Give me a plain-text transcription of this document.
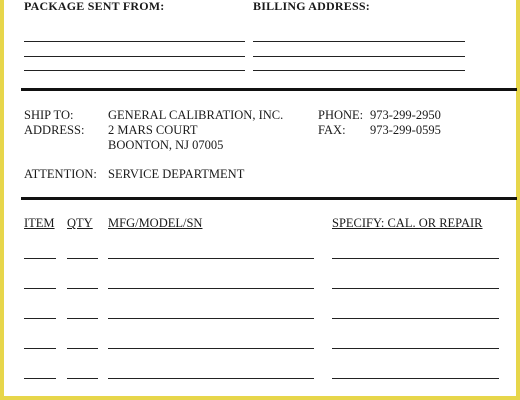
PACKAGE SENT FROM:	BILLING ADDRESS:
SHIP TO:
ADDRESS:
GENERAL CALIBRATION, INC.
2 MARS COURT
BOONTON, NJ 07005
PHONE: 973-299-2950
FAX: 973-299-0595
ATTENTION: SERVICE DEPARTMENT
ITEM QTY MFG/MODEL/SN	SPECIFY: CAL. OR REPAIR
